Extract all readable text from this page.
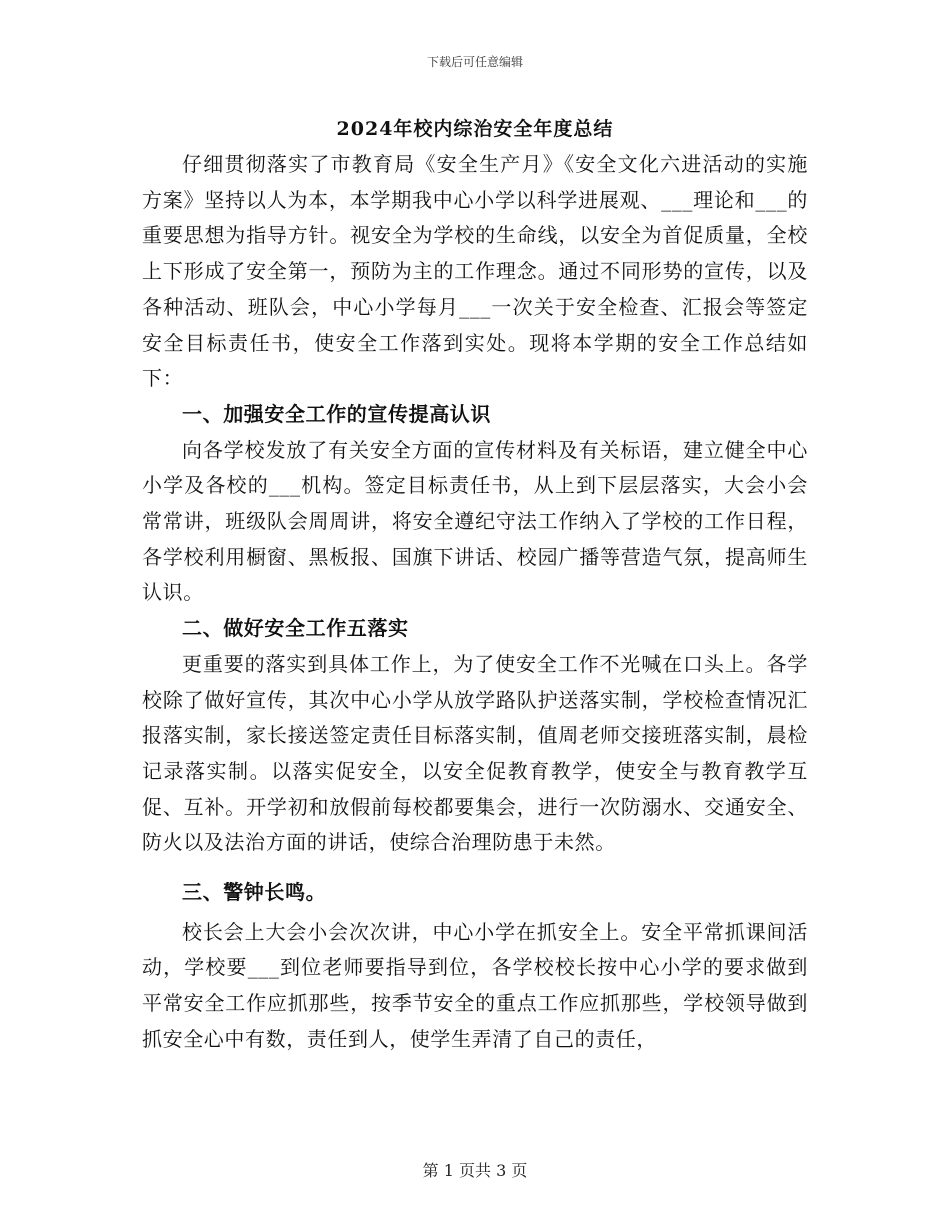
下载后可任意编辑
2024年校内综治安全年度总结

仔细贯彻落实了市教育局《安全生产月》《安全文化六进活动的实施方案》坚持以人为本，本学期我中心小学以科学进展观、___理论和___的重要思想为指导方针。视安全为学校的生命线，以安全为首促质量，全校上下形成了安全第一，预防为主的工作理念。通过不同形势的宣传，以及各种活动、班队会，中心小学每月___一次关于安全检查、汇报会等签定安全目标责任书，使安全工作落到实处。现将本学期的安全工作总结如下：

一、加强安全工作的宣传提高认识

向各学校发放了有关安全方面的宣传材料及有关标语，建立健全中心小学及各校的___机构。签定目标责任书，从上到下层层落实，大会小会常常讲，班级队会周周讲，将安全遵纪守法工作纳入了学校的工作日程，各学校利用橱窗、黑板报、国旗下讲话、校园广播等营造气氛，提高师生认识。

二、做好安全工作五落实

更重要的落实到具体工作上，为了使安全工作不光喊在口头上。各学校除了做好宣传，其次中心小学从放学路队护送落实制，学校检查情况汇报落实制，家长接送签定责任目标落实制，值周老师交接班落实制，晨检记录落实制。以落实促安全，以安全促教育教学，使安全与教育教学互促、互补。开学初和放假前每校都要集会，进行一次防溺水、交通安全、防火以及法治方面的讲话，使综合治理防患于未然。

三、警钟长鸣。

校长会上大会小会次次讲，中心小学在抓安全上。安全平常抓课间活动，学校要___到位老师要指导到位，各学校校长按中心小学的要求做到平常安全工作应抓那些，按季节安全的重点工作应抓那些，学校领导做到抓安全心中有数，责任到人，使学生弄清了自己的责任，

第 1 页共 3 页
